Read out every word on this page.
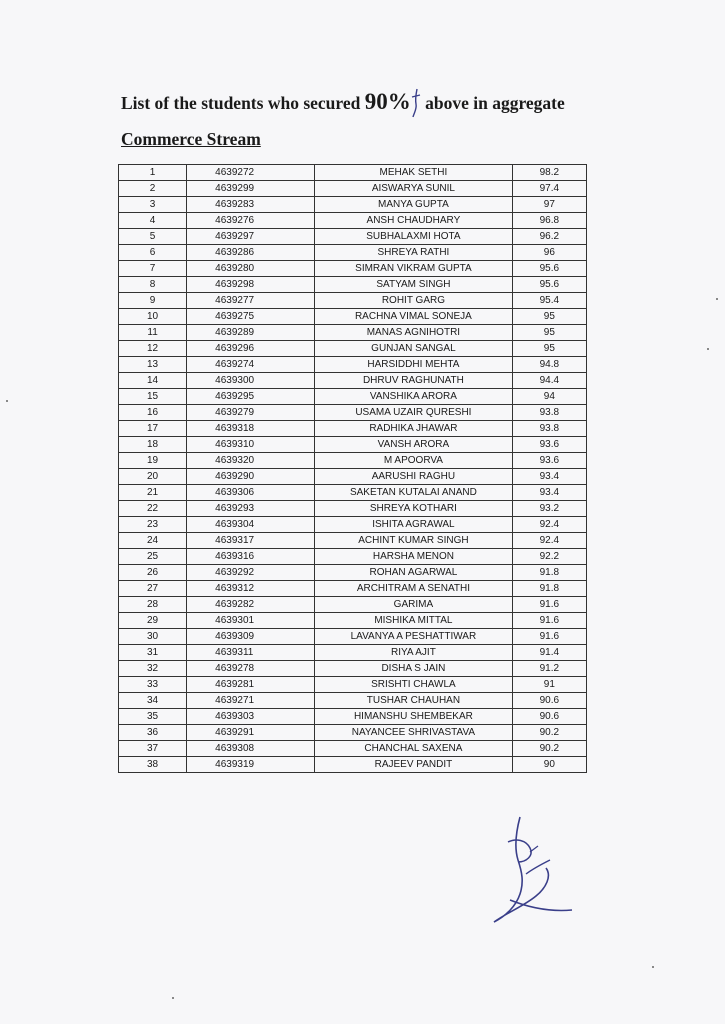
List of the students who secured 90% above in aggregate
Commerce Stream
1	4639272	MEHAK SETHI	98.2
2	4639299	AISWARYA SUNIL	97.4
3	4639283	MANYA GUPTA	97
4	4639276	ANSH CHAUDHARY	96.8
5	4639297	SUBHALAXMI HOTA	96.2
6	4639286	SHREYA RATHI	96
7	4639280	SIMRAN VIKRAM GUPTA	95.6
8	4639298	SATYAM SINGH	95.6
9	4639277	ROHIT GARG	95.4
10	4639275	RACHNA VIMAL SONEJA	95
11	4639289	MANAS AGNIHOTRI	95
12	4639296	GUNJAN SANGAL	95
13	4639274	HARSIDDHI MEHTA	94.8
14	4639300	DHRUV RAGHUNATH	94.4
15	4639295	VANSHIKA ARORA	94
16	4639279	USAMA UZAIR QURESHI	93.8
17	4639318	RADHIKA JHAWAR	93.8
18	4639310	VANSH ARORA	93.6
19	4639320	M APOORVA	93.6
20	4639290	AARUSHI RAGHU	93.4
21	4639306	SAKETAN KUTALAI ANAND	93.4
22	4639293	SHREYA KOTHARI	93.2
23	4639304	ISHITA AGRAWAL	92.4
24	4639317	ACHINT KUMAR SINGH	92.4
25	4639316	HARSHA MENON	92.2
26	4639292	ROHAN AGARWAL	91.8
27	4639312	ARCHITRAM A SENATHI	91.8
28	4639282	GARIMA	91.6
29	4639301	MISHIKA MITTAL	91.6
30	4639309	LAVANYA A PESHATTIWAR	91.6
31	4639311	RIYA AJIT	91.4
32	4639278	DISHA S JAIN	91.2
33	4639281	SRISHTI CHAWLA	91
34	4639271	TUSHAR CHAUHAN	90.6
35	4639303	HIMANSHU SHEMBEKAR	90.6
36	4639291	NAYANCEE SHRIVASTAVA	90.2
37	4639308	CHANCHAL SAXENA	90.2
38	4639319	RAJEEV PANDIT	90
